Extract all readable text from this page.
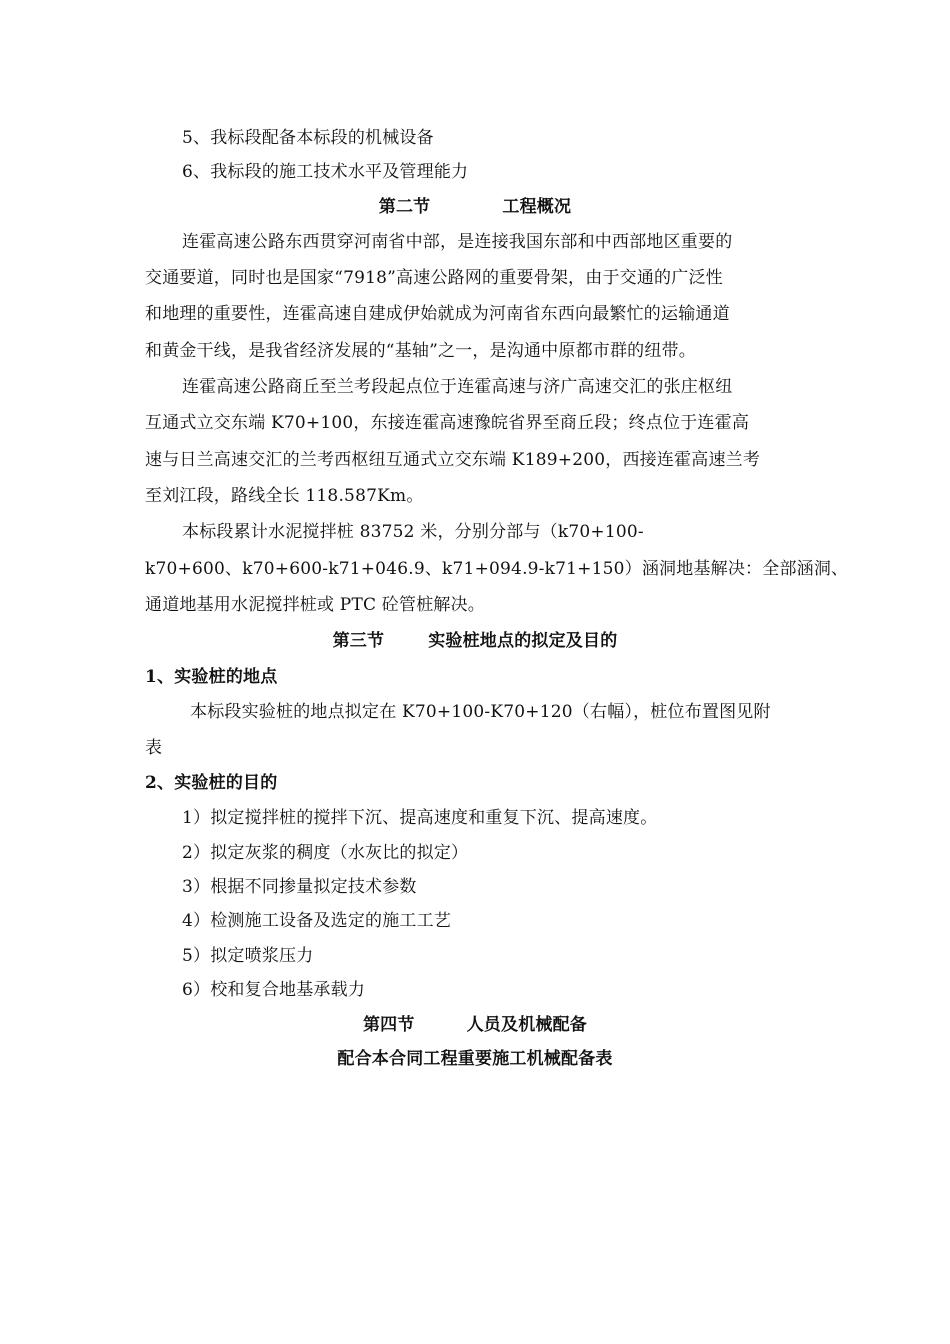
5、我标段配备本标段的机械设备
6、我标段的施工技术水平及管理能力
第二节	工程概况
连霍高速公路东西贯穿河南省中部，是连接我国东部和中西部地区重要的
交通要道，同时也是国家“7918”高速公路网的重要骨架，由于交通的广泛性
和地理的重要性，连霍高速自建成伊始就成为河南省东西向最繁忙的运输通道
和黄金干线，是我省经济发展的“基轴”之一，是沟通中原都市群的纽带。
连霍高速公路商丘至兰考段起点位于连霍高速与济广高速交汇的张庄枢纽
互通式立交东端 K70+100，东接连霍高速豫皖省界至商丘段；终点位于连霍高
速与日兰高速交汇的兰考西枢纽互通式立交东端 K189+200，西接连霍高速兰考
至刘江段，路线全长 118.587Km。
本标段累计水泥搅拌桩 83752 米，分别分部与（k70+100-
k70+600、k70+600-k71+046.9、k71+094.9-k71+150）涵洞地基解决：全部涵洞、
通道地基用水泥搅拌桩或 PTC 砼管桩解决。
第三节	实验桩地点的拟定及目的
1、实验桩的地点
本标段实验桩的地点拟定在 K70+100-K70+120（右幅），桩位布置图见附
表
2、实验桩的目的
1）拟定搅拌桩的搅拌下沉、提高速度和重复下沉、提高速度。
2）拟定灰浆的稠度（水灰比的拟定）
3）根据不同掺量拟定技术参数
4）检测施工设备及选定的施工工艺
5）拟定喷浆压力
6）校和复合地基承载力
第四节	人员及机械配备
配合本合同工程重要施工机械配备表
